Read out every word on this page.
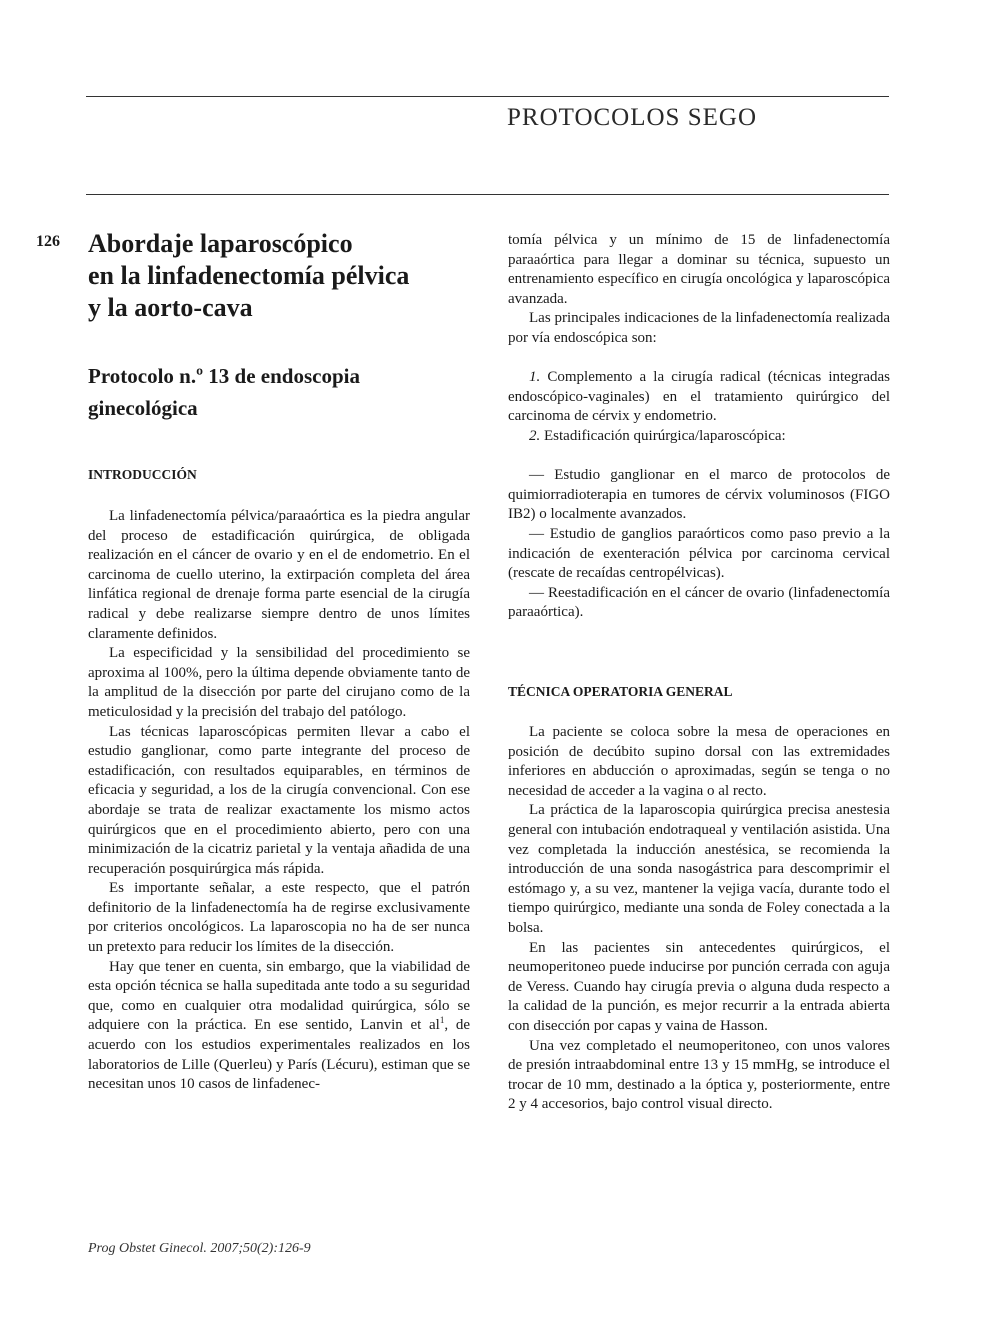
PROTOCOLOS SEGO
126 Abordaje laparoscópico
en la linfadenectomía pélvica
y la aorto-cava
Protocolo n.º 13 de endoscopia
ginecológica
INTRODUCCIÓN

La linfadenectomía pélvica/paraaórtica es la piedra angular del proceso de estadificación quirúrgica, de obligada realización en el cáncer de ovario y en el de endometrio. En el carcinoma de cuello uterino, la extirpación completa del área linfática regional de drenaje forma parte esencial de la cirugía radical y debe realizarse siempre dentro de unos límites claramente definidos.

La especificidad y la sensibilidad del procedimiento se aproxima al 100%, pero la última depende obviamente tanto de la amplitud de la disección por parte del cirujano como de la meticulosidad y la precisión del trabajo del patólogo.

Las técnicas laparoscópicas permiten llevar a cabo el estudio ganglionar, como parte integrante del proceso de estadificación, con resultados equiparables, en términos de eficacia y seguridad, a los de la cirugía convencional. Con ese abordaje se trata de realizar exactamente los mismo actos quirúrgicos que en el procedimiento abierto, pero con una minimización de la cicatriz parietal y la ventaja añadida de una recuperación posquirúrgica más rápida.

Es importante señalar, a este respecto, que el patrón definitorio de la linfadenectomía ha de regirse exclusivamente por criterios oncológicos. La laparoscopia no ha de ser nunca un pretexto para reducir los límites de la disección.

Hay que tener en cuenta, sin embargo, que la viabilidad de esta opción técnica se halla supeditada ante todo a su seguridad que, como en cualquier otra modalidad quirúrgica, sólo se adquiere con la práctica. En ese sentido, Lanvin et $al^1$, de acuerdo con los estudios experimentales realizados en los laboratorios de Lille (Querleu) y París (Lécuru), estiman que se necesitan unos 10 casos de linfadenec-

tomía pélvica y un mínimo de 15 de linfadenectomía paraaórtica para llegar a dominar su técnica, supuesto un entrenamiento específico en cirugía oncológica y laparoscópica avanzada.

Las principales indicaciones de la linfadenectomía realizada por vía endoscópica son:

1. Complemento a la cirugía radical (técnicas integradas endoscópico-vaginales) en el tratamiento quirúrgico del carcinoma de cérvix y endometrio.

2. Estadificación quirúrgica/laparoscópica:

— Estudio ganglionar en el marco de protocolos de quimiorradioterapia en tumores de cérvix voluminosos (FIGO IB2) o localmente avanzados.

— Estudio de ganglios paraórticos como paso previo a la indicación de exenteración pélvica por carcinoma cervical (rescate de recaídas centropélvicas).

— Reestadificación en el cáncer de ovario (linfadenectomía paraaórtica).

TÉCNICA OPERATORIA GENERAL

La paciente se coloca sobre la mesa de operaciones en posición de decúbito supino dorsal con las extremidades inferiores en abducción o aproximadas, según se tenga o no necesidad de acceder a la vagina o al recto.

La práctica de la laparoscopia quirúrgica precisa anestesia general con intubación endotraqueal y ventilación asistida. Una vez completada la inducción anestésica, se recomienda la introducción de una sonda nasogástrica para descomprimir el estómago y, a su vez, mantener la vejiga vacía, durante todo el tiempo quirúrgico, mediante una sonda de Foley conectada a la bolsa.

En las pacientes sin antecedentes quirúrgicos, el neumoperitoneo puede inducirse por punción cerrada con aguja de Veress. Cuando hay cirugía previa o alguna duda respecto a la calidad de la punción, es mejor recurrir a la entrada abierta con disección por capas y vaina de Hasson.

Una vez completado el neumoperitoneo, con unos valores de presión intraabdominal entre 13 y 15 mmHg, se introduce el trocar de 10 mm, destinado a la óptica y, posteriormente, entre 2 y 4 accesorios, bajo control visual directo.

Prog Obstet Ginecol. 2007;50(2):126-9
